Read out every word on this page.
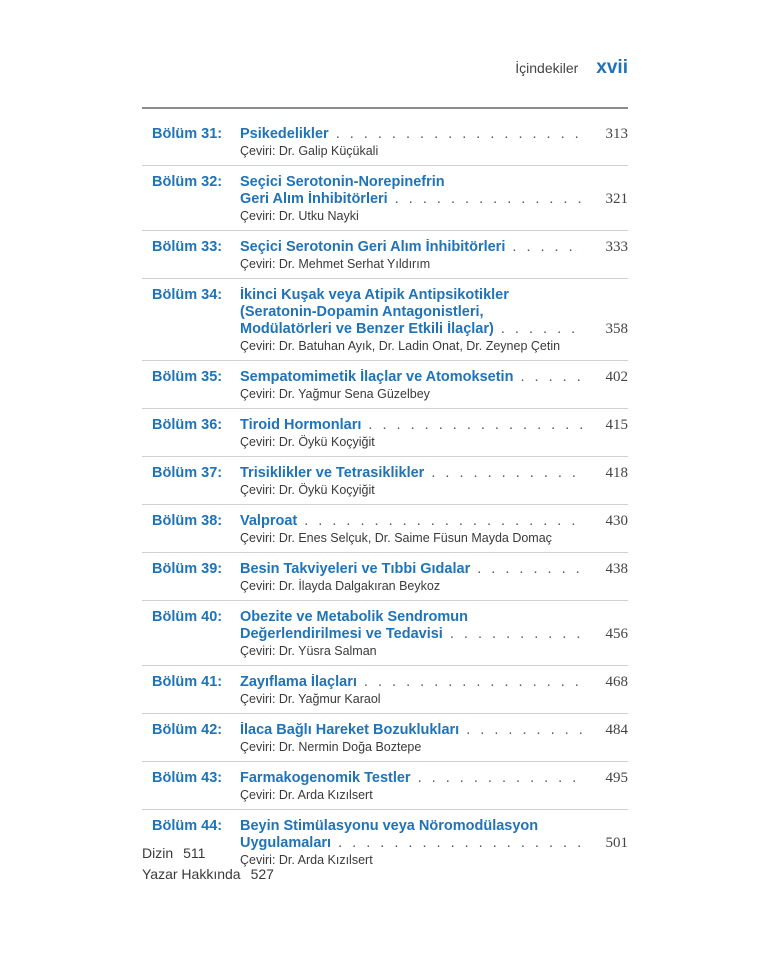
İçindekiler xvii
Bölüm 31: Psikedelikler . . .	313
Çeviri: Dr. Galip Küçükali
Bölüm 32: Seçici Serotonin-Norepinefrin
Geri Alım İnhibitörleri . . .	321
Çeviri: Dr. Utku Nayki
Bölüm 33: Seçici Serotonin Geri Alım İnhibitörleri . . .	333
Çeviri: Dr. Mehmet Serhat Yıldırım
Bölüm 34: İkinci Kuşak veya Atipik Antipsikotikler
(Seratonin-Dopamin Antagonistleri,
Modülatörleri ve Benzer Etkili İlaçlar) . . .	358
Çeviri: Dr. Batuhan Ayık, Dr. Ladin Onat, Dr. Zeynep Çetin
Bölüm 35: Sempatomimetik İlaçlar ve Atomoksetin . . .	402
Çeviri: Dr. Yağmur Sena Güzelbey
Bölüm 36: Tiroid Hormonları . . .	415
Çeviri: Dr. Öykü Koçyiğit
Bölüm 37: Trisiklikler ve Tetrasiklikler . . .	418
Çeviri: Dr. Öykü Koçyiğit
Bölüm 38: Valproat . . .	430
Çeviri: Dr. Enes Selçuk, Dr. Saime Füsun Mayda Domaç
Bölüm 39: Besin Takviyeleri ve Tıbbi Gıdalar . . .	438
Çeviri: Dr. İlayda Dalgakıran Beykoz
Bölüm 40: Obezite ve Metabolik Sendromun
Değerlendirilmesi ve Tedavisi . . .	456
Çeviri: Dr. Yüsra Salman
Bölüm 41: Zayıflama İlaçları . . .	468
Çeviri: Dr. Yağmur Karaol
Bölüm 42: İlaca Bağlı Hareket Bozuklukları . . .	484
Çeviri: Dr. Nermin Doğa Boztepe
Bölüm 43: Farmakogenomik Testler . . .	495
Çeviri: Dr. Arda Kızılsert
Bölüm 44: Beyin Stimülasyonu veya Nöromodülasyon
Uygulamaları . . .	501
Çeviri: Dr. Arda Kızılsert
Dizin 511
Yazar Hakkında 527
